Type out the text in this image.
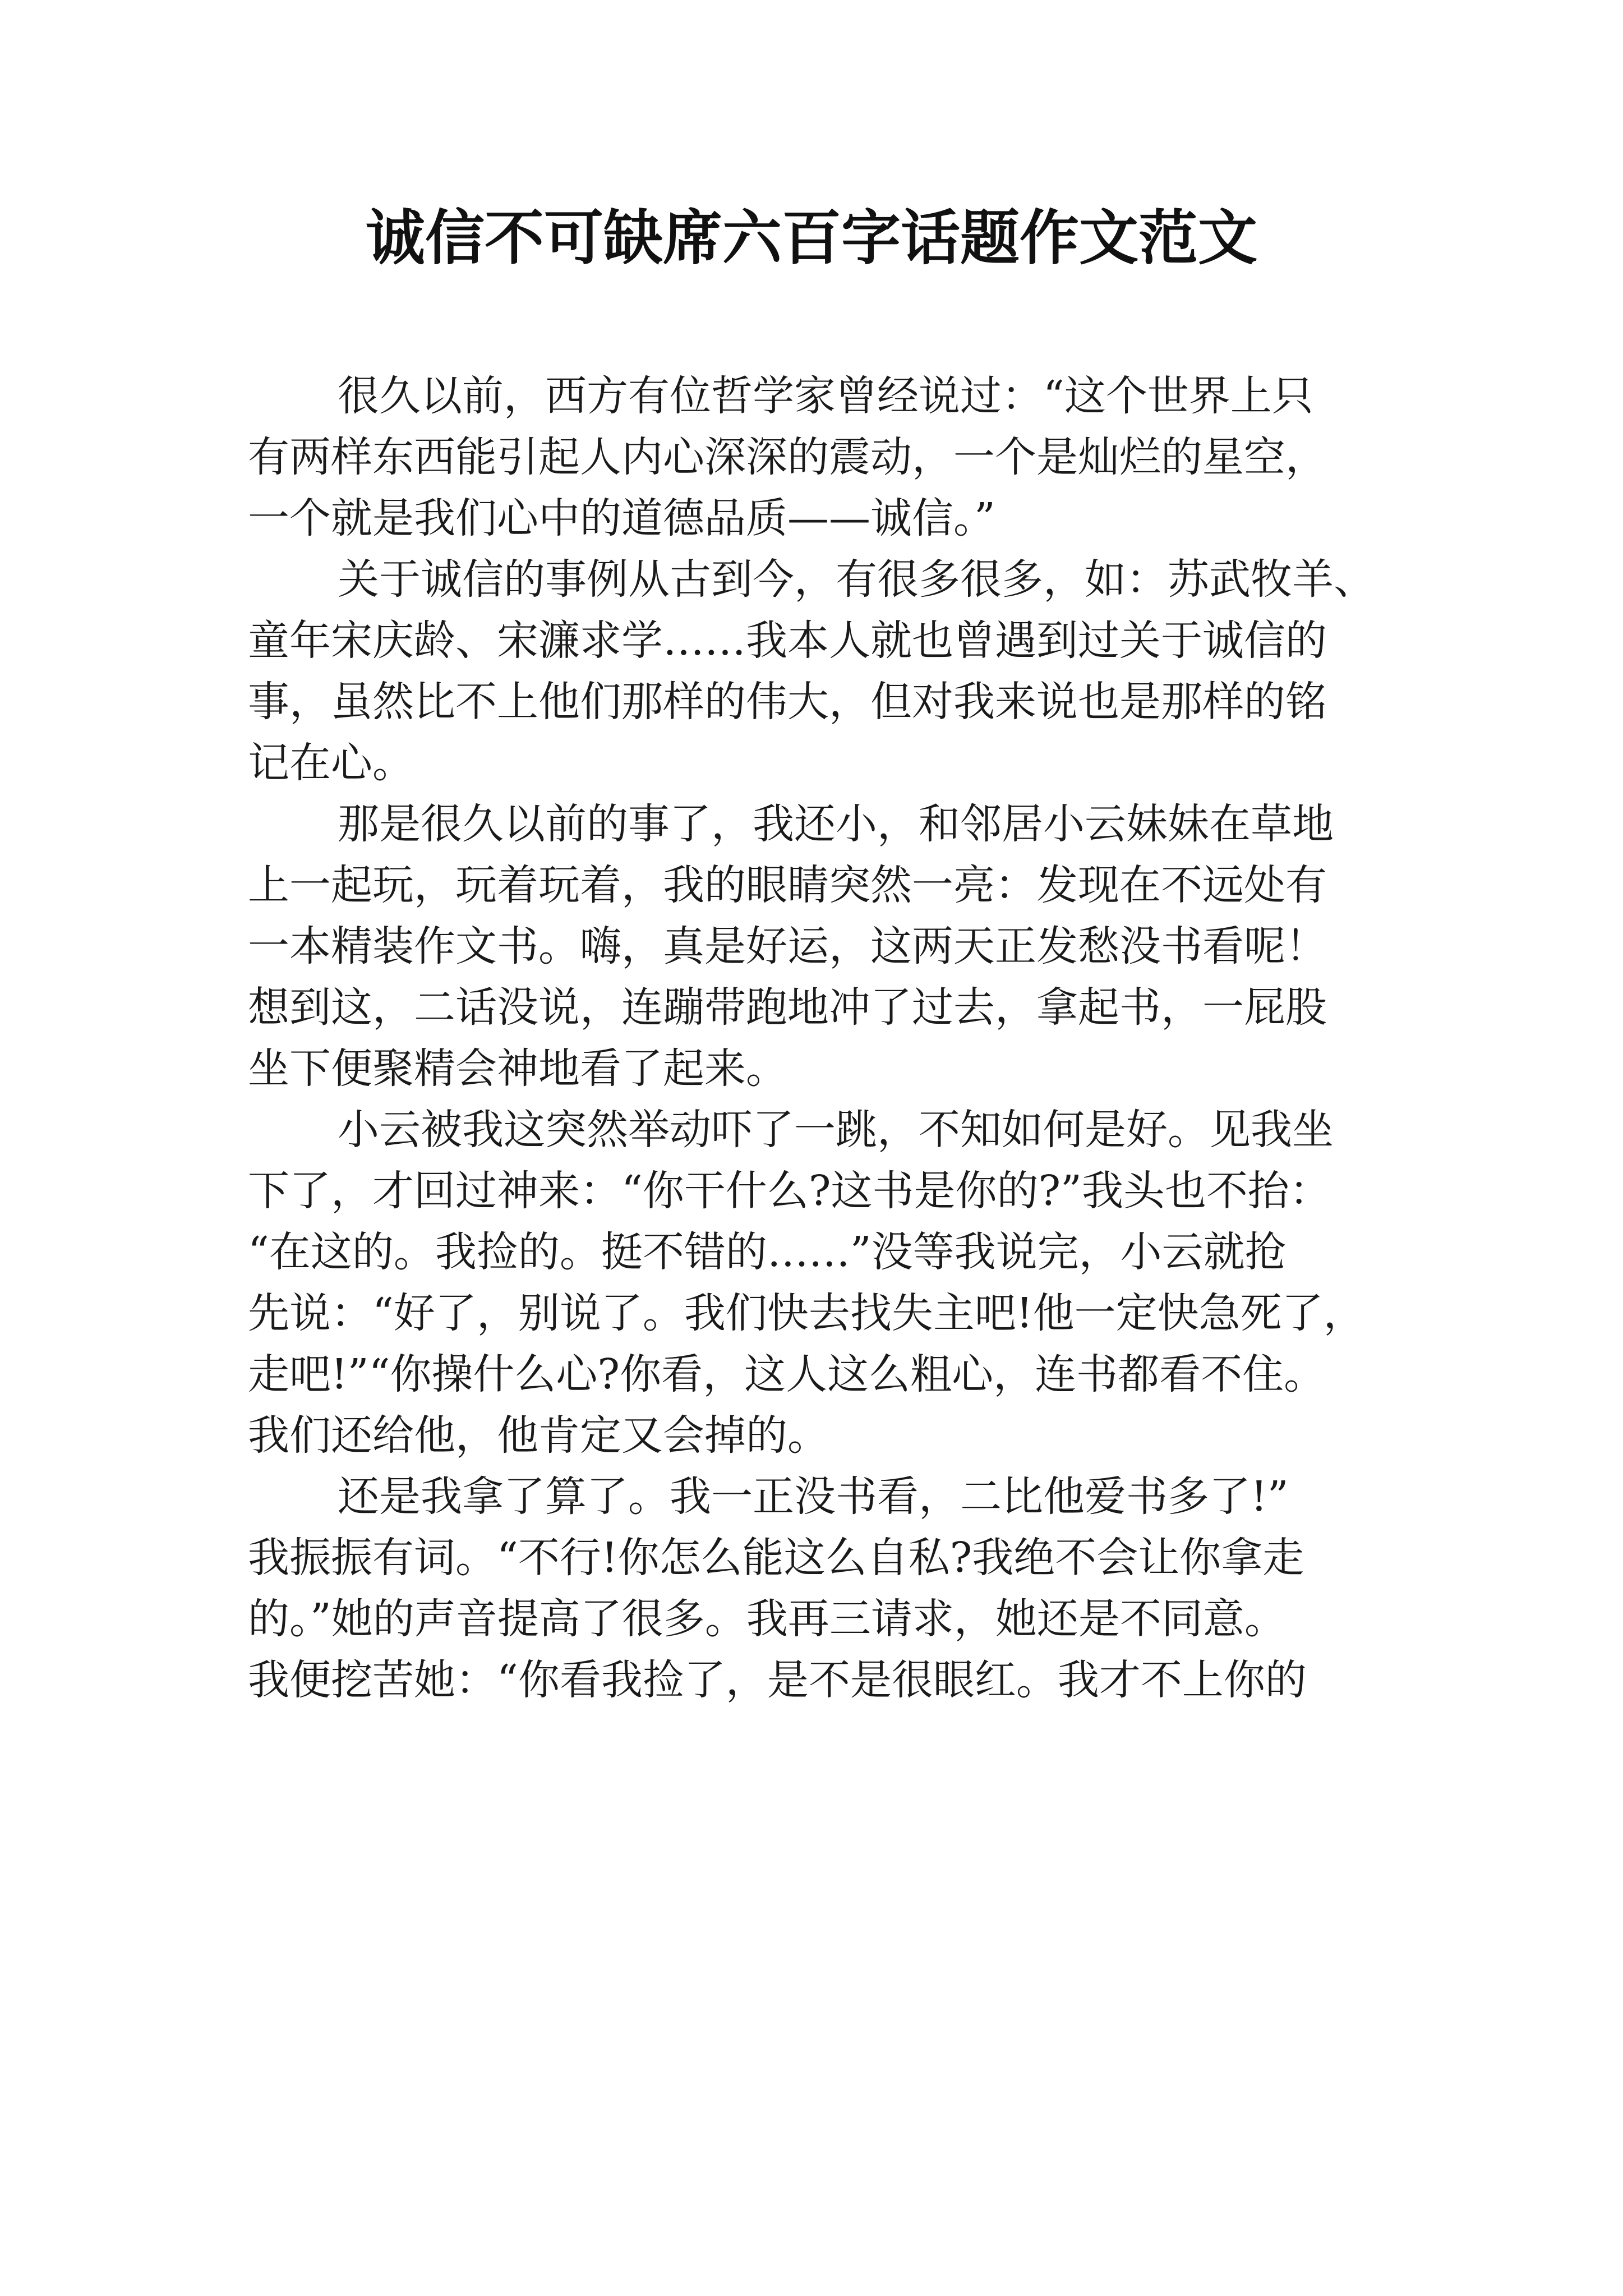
诚信不可缺席六百字话题作文范文
很久以前，西方有位哲学家曾经说过：“这个世界上只
有两样东西能引起人内心深深的震动，一个是灿烂的星空，
一个就是我们心中的道德品质——诚信。”
关于诚信的事例从古到今，有很多很多，如：苏武牧羊、
童年宋庆龄、宋濂求学……我本人就也曾遇到过关于诚信的
事，虽然比不上他们那样的伟大，但对我来说也是那样的铭
记在心。
那是很久以前的事了，我还小，和邻居小云妹妹在草地
上一起玩，玩着玩着，我的眼睛突然一亮：发现在不远处有
一本精装作文书。嗨，真是好运，这两天正发愁没书看呢！
想到这，二话没说，连蹦带跑地冲了过去，拿起书，一屁股
坐下便聚精会神地看了起来。
小云被我这突然举动吓了一跳，不知如何是好。见我坐
下了，才回过神来：“你干什么?这书是你的?”我头也不抬：
“在这的。我捡的。挺不错的……”没等我说完，小云就抢
先说：“好了，别说了。我们快去找失主吧!他一定快急死了，
走吧!”“你操什么心?你看，这人这么粗心，连书都看不住。
我们还给他，他肯定又会掉的。
还是我拿了算了。我一正没书看，二比他爱书多了!”
我振振有词。“不行!你怎么能这么自私?我绝不会让你拿走
的。”她的声音提高了很多。我再三请求，她还是不同意。
我便挖苦她：“你看我捡了，是不是很眼红。我才不上你的
